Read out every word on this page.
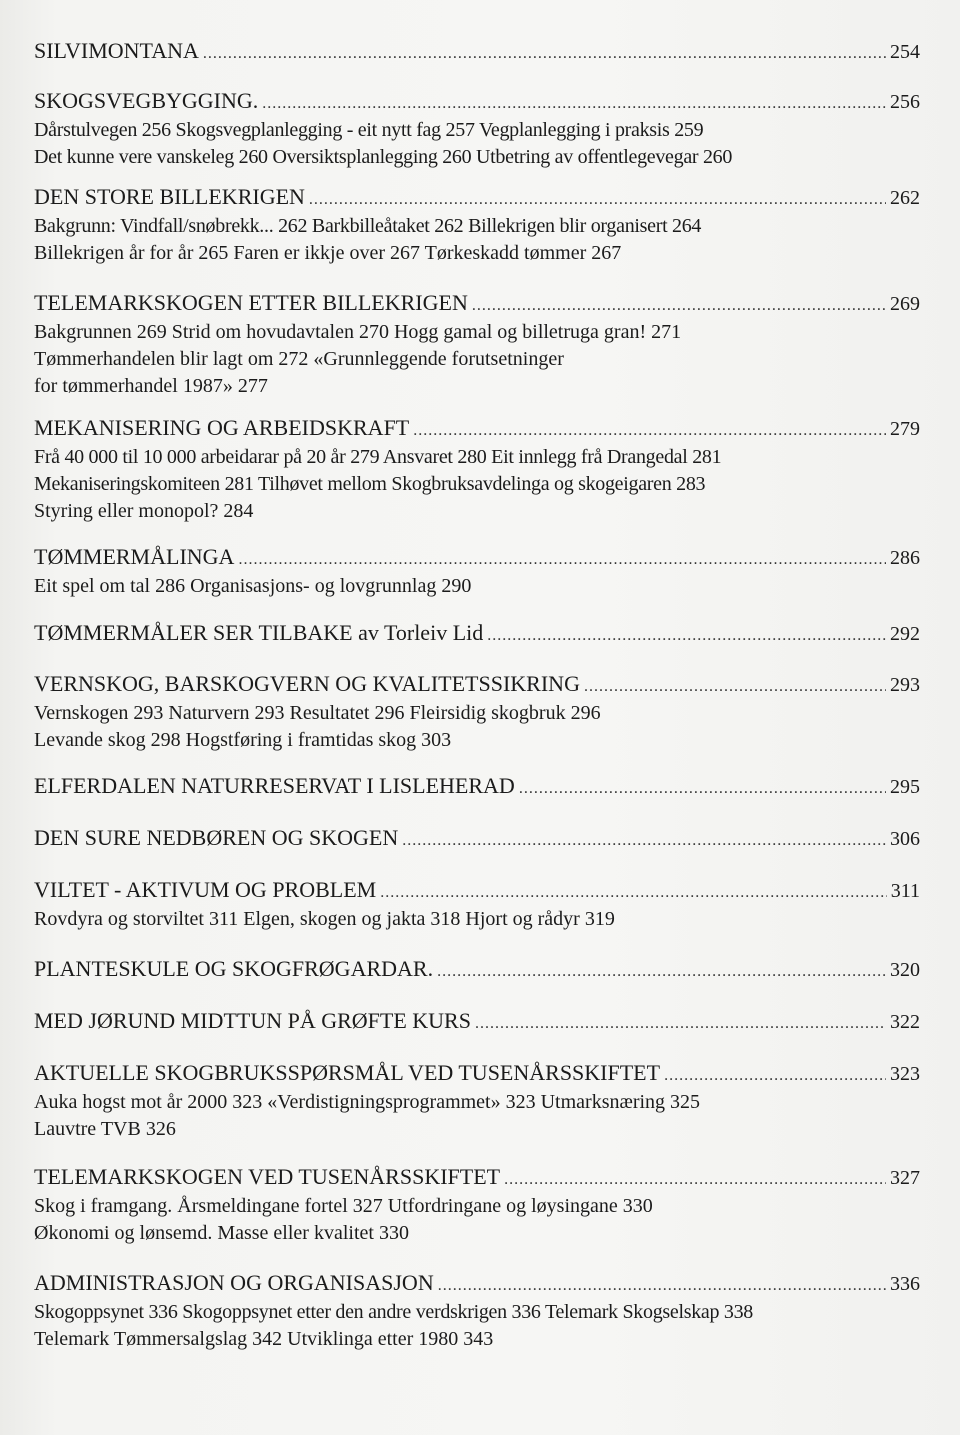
SILVIMONTANA .....	254
SKOGSVEGBYGGING. .....	256

Dårstulvegen 256 Skogsvegplanlegging - eit nytt fag 257 Vegplanlegging i praksis 259

Det kunne vere vanskeleg 260 Oversiktsplanlegging 260 Utbetring av offentlegevegar 260

DEN STORE BILLEKRIGEN .....	262

Bakgrunn: Vindfall/snøbrekk... 262 Barkbilleåtaket 262 Billekrigen blir organisert 264

Billekrigen år for år 265 Faren er ikkje over 267 Tørkeskadd tømmer 267

TELEMARKSKOGEN ETTER BILLEKRIGEN .....	269

Bakgrunnen 269 Strid om hovudavtalen 270 Hogg gamal og billetruga gran! 271

Tømmerhandelen blir lagt om 272 «Grunnleggende forutsetninger

for tømmerhandel 1987» 277

MEKANISERING OG ARBEIDSKRAFT .....	279

Frå 40 000 til 10 000 arbeidarar på 20 år 279 Ansvaret 280 Eit innlegg frå Drangedal 281

Mekaniseringskomiteen 281 Tilhøvet mellom Skogbruksavdelinga og skogeigaren 283

Styring eller monopol? 284

TØMMERMÅLINGA .....	286

Eit spel om tal 286 Organisasjons- og lovgrunnlag 290

TØMMERMÅLER SER TILBAKE av Torleiv Lid .....	292
VERNSKOG, BARSKOGVERN OG KVALITETSSIKRING .....	293

Vernskogen 293 Naturvern 293 Resultatet 296 Fleirsidig skogbruk 296

Levande skog 298 Hogstføring i framtidas skog 303

ELFERDALEN NATURRESERVAT I LISLEHERAD .....	295
DEN SURE NEDBØREN OG SKOGEN .....	306
VILTET - AKTIVUM OG PROBLEM .....	311

Rovdyra og storviltet 311 Elgen, skogen og jakta 318 Hjort og rådyr 319

PLANTESKULE OG SKOGFRØGARDAR. .....	320
MED JØRUND MIDTTUN PÅ GRØFTE KURS .....	322
AKTUELLE SKOGBRUKSSPØRSMÅL VED TUSENÅRSSKIFTET .....	323

Auka hogst mot år 2000 323 «Verdistigningsprogrammet» 323 Utmarksnæring 325

Lauvtre TVB 326

TELEMARKSKOGEN VED TUSENÅRSSKIFTET .....	327

Skog i framgang. Årsmeldingane fortel 327 Utfordringane og løysingane 330

Økonomi og lønsemd. Masse eller kvalitet 330

ADMINISTRASJON OG ORGANISASJON .....	336

Skogoppsynet 336 Skogoppsynet etter den andre verdskrigen 336 Telemark Skogselskap 338

Telemark Tømmersalgslag 342 Utviklinga etter 1980 343
